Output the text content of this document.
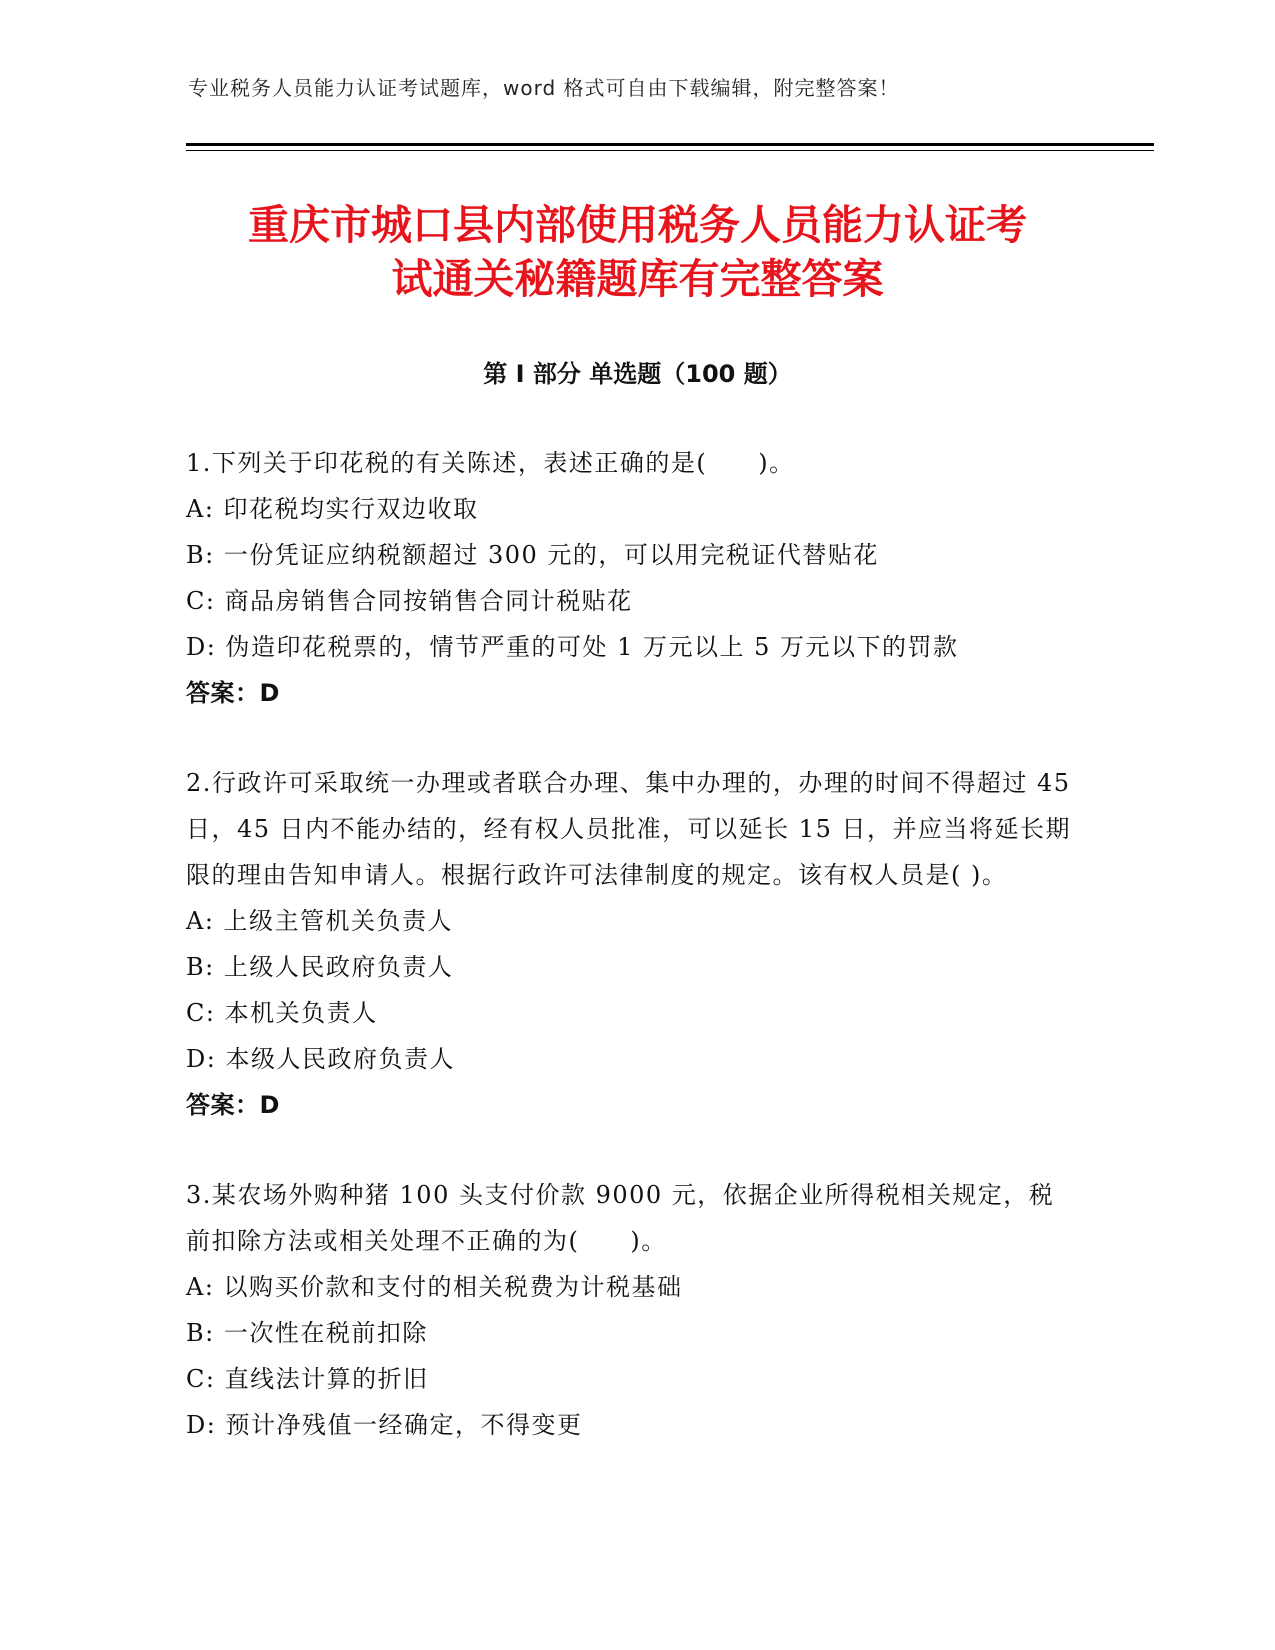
专业税务人员能力认证考试题库，word 格式可自由下载编辑，附完整答案！
重庆市城口县内部使用税务人员能力认证考
试通关秘籍题库有完整答案
第 I 部分 单选题（100 题）

1.下列关于印花税的有关陈述，表述正确的是(　　)。

A: 印花税均实行双边收取

B: 一份凭证应纳税额超过 300 元的，可以用完税证代替贴花

C: 商品房销售合同按销售合同计税贴花

D: 伪造印花税票的，情节严重的可处 1 万元以上 5 万元以下的罚款

答案：D

2.行政许可采取统一办理或者联合办理、集中办理的，办理的时间不得超过 45 日，45 日内不能办结的，经有权人员批准，可以延长 15 日，并应当将延长期限的理由告知申请人。根据行政许可法律制度的规定。该有权人员是( )。

A: 上级主管机关负责人

B: 上级人民政府负责人

C: 本机关负责人

D: 本级人民政府负责人

答案：D

3.某农场外购种猪 100 头支付价款 9000 元，依据企业所得税相关规定，税前扣除方法或相关处理不正确的为(　　)。

A: 以购买价款和支付的相关税费为计税基础

B: 一次性在税前扣除

C: 直线法计算的折旧

D: 预计净残值一经确定，不得变更
